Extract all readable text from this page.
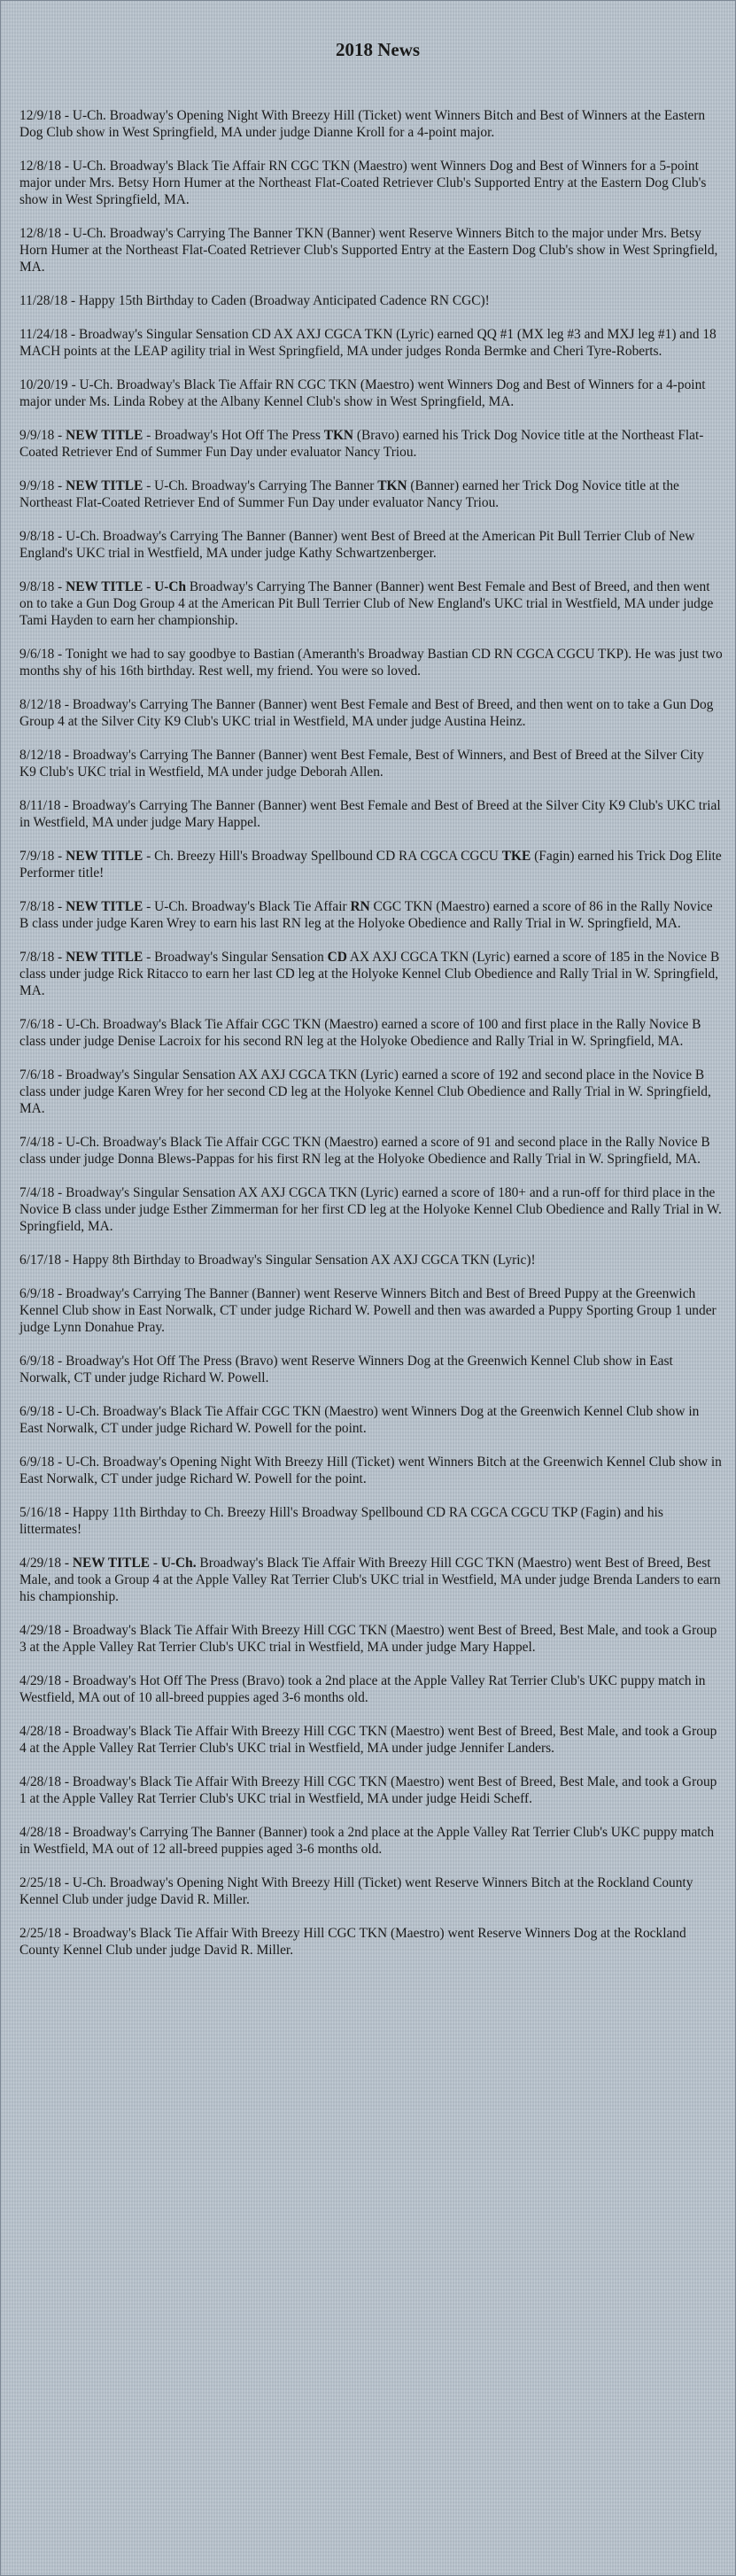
2018 News

12/9/18 - U-Ch. Broadway's Opening Night With Breezy Hill (Ticket) went Winners Bitch and Best of Winners at the Eastern Dog Club show in West Springfield, MA under judge Dianne Kroll for a 4-point major.

12/8/18 - U-Ch. Broadway's Black Tie Affair RN CGC TKN (Maestro) went Winners Dog and Best of Winners for a 5-point major under Mrs. Betsy Horn Humer at the Northeast Flat-Coated Retriever Club's Supported Entry at the Eastern Dog Club's show in West Springfield, MA.

12/8/18 - U-Ch. Broadway's Carrying The Banner TKN (Banner) went Reserve Winners Bitch to the major under Mrs. Betsy Horn Humer at the Northeast Flat-Coated Retriever Club's Supported Entry at the Eastern Dog Club's show in West Springfield, MA.

11/28/18 - Happy 15th Birthday to Caden (Broadway Anticipated Cadence RN CGC)!

11/24/18 - Broadway's Singular Sensation CD AX AXJ CGCA TKN (Lyric) earned QQ #1 (MX leg #3 and MXJ leg #1) and 18 MACH points at the LEAP agility trial in West Springfield, MA under judges Ronda Bermke and Cheri Tyre-Roberts.

10/20/19 - U-Ch. Broadway's Black Tie Affair RN CGC TKN (Maestro) went Winners Dog and Best of Winners for a 4-point major under Ms. Linda Robey at the Albany Kennel Club's show in West Springfield, MA.

9/9/18 - NEW TITLE - Broadway's Hot Off The Press TKN (Bravo) earned his Trick Dog Novice title at the Northeast Flat-Coated Retriever End of Summer Fun Day under evaluator Nancy Triou.

9/9/18 - NEW TITLE - U-Ch. Broadway's Carrying The Banner TKN (Banner) earned her Trick Dog Novice title at the Northeast Flat-Coated Retriever End of Summer Fun Day under evaluator Nancy Triou.

9/8/18 - U-Ch. Broadway's Carrying The Banner (Banner) went Best of Breed at the American Pit Bull Terrier Club of New England's UKC trial in Westfield, MA under judge Kathy Schwartzenberger.

9/8/18 - NEW TITLE - U-Ch Broadway's Carrying The Banner (Banner) went Best Female and Best of Breed, and then went on to take a Gun Dog Group 4 at the American Pit Bull Terrier Club of New England's UKC trial in Westfield, MA under judge Tami Hayden to earn her championship.

9/6/18 - Tonight we had to say goodbye to Bastian (Ameranth's Broadway Bastian CD RN CGCA CGCU TKP). He was just two months shy of his 16th birthday. Rest well, my friend. You were so loved.

8/12/18 - Broadway's Carrying The Banner (Banner) went Best Female and Best of Breed, and then went on to take a Gun Dog Group 4 at the Silver City K9 Club's UKC trial in Westfield, MA under judge Austina Heinz.

8/12/18 - Broadway's Carrying The Banner (Banner) went Best Female, Best of Winners, and Best of Breed at the Silver City K9 Club's UKC trial in Westfield, MA under judge Deborah Allen.

8/11/18 - Broadway's Carrying The Banner (Banner) went Best Female and Best of Breed at the Silver City K9 Club's UKC trial in Westfield, MA under judge Mary Happel.

7/9/18 - NEW TITLE - Ch. Breezy Hill's Broadway Spellbound CD RA CGCA CGCU TKE (Fagin) earned his Trick Dog Elite Performer title!

7/8/18 - NEW TITLE - U-Ch. Broadway's Black Tie Affair RN CGC TKN (Maestro) earned a score of 86 in the Rally Novice B class under judge Karen Wrey to earn his last RN leg at the Holyoke Obedience and Rally Trial in W. Springfield, MA.

7/8/18 - NEW TITLE - Broadway's Singular Sensation CD AX AXJ CGCA TKN (Lyric) earned a score of 185 in the Novice B class under judge Rick Ritacco to earn her last CD leg at the Holyoke Kennel Club Obedience and Rally Trial in W. Springfield, MA.

7/6/18 - U-Ch. Broadway's Black Tie Affair CGC TKN (Maestro) earned a score of 100 and first place in the Rally Novice B class under judge Denise Lacroix for his second RN leg at the Holyoke Obedience and Rally Trial in W. Springfield, MA.

7/6/18 - Broadway's Singular Sensation AX AXJ CGCA TKN (Lyric) earned a score of 192 and second place in the Novice B class under judge Karen Wrey for her second CD leg at the Holyoke Kennel Club Obedience and Rally Trial in W. Springfield, MA.

7/4/18 - U-Ch. Broadway's Black Tie Affair CGC TKN (Maestro) earned a score of 91 and second place in the Rally Novice B class under judge Donna Blews-Pappas for his first RN leg at the Holyoke Obedience and Rally Trial in W. Springfield, MA.

7/4/18 - Broadway's Singular Sensation AX AXJ CGCA TKN (Lyric) earned a score of 180+ and a run-off for third place in the Novice B class under judge Esther Zimmerman for her first CD leg at the Holyoke Kennel Club Obedience and Rally Trial in W. Springfield, MA.

6/17/18 - Happy 8th Birthday to Broadway's Singular Sensation AX AXJ CGCA TKN (Lyric)!

6/9/18 - Broadway's Carrying The Banner (Banner) went Reserve Winners Bitch and Best of Breed Puppy at the Greenwich Kennel Club show in East Norwalk, CT under judge Richard W. Powell and then was awarded a Puppy Sporting Group 1 under judge Lynn Donahue Pray.

6/9/18 - Broadway's Hot Off The Press (Bravo) went Reserve Winners Dog at the Greenwich Kennel Club show in East Norwalk, CT under judge Richard W. Powell.

6/9/18 - U-Ch. Broadway's Black Tie Affair CGC TKN (Maestro) went Winners Dog at the Greenwich Kennel Club show in East Norwalk, CT under judge Richard W. Powell for the point.

6/9/18 - U-Ch. Broadway's Opening Night With Breezy Hill (Ticket) went Winners Bitch at the Greenwich Kennel Club show in East Norwalk, CT under judge Richard W. Powell for the point.

5/16/18 - Happy 11th Birthday to Ch. Breezy Hill's Broadway Spellbound CD RA CGCA CGCU TKP (Fagin) and his littermates!

4/29/18 - NEW TITLE - U-Ch. Broadway's Black Tie Affair With Breezy Hill CGC TKN (Maestro) went Best of Breed, Best Male, and took a Group 4 at the Apple Valley Rat Terrier Club's UKC trial in Westfield, MA under judge Brenda Landers to earn his championship.

4/29/18 - Broadway's Black Tie Affair With Breezy Hill CGC TKN (Maestro) went Best of Breed, Best Male, and took a Group 3 at the Apple Valley Rat Terrier Club's UKC trial in Westfield, MA under judge Mary Happel.

4/29/18 - Broadway's Hot Off The Press (Bravo) took a 2nd place at the Apple Valley Rat Terrier Club's UKC puppy match in Westfield, MA out of 10 all-breed puppies aged 3-6 months old.

4/28/18 - Broadway's Black Tie Affair With Breezy Hill CGC TKN (Maestro) went Best of Breed, Best Male, and took a Group 4 at the Apple Valley Rat Terrier Club's UKC trial in Westfield, MA under judge Jennifer Landers.

4/28/18 - Broadway's Black Tie Affair With Breezy Hill CGC TKN (Maestro) went Best of Breed, Best Male, and took a Group 1 at the Apple Valley Rat Terrier Club's UKC trial in Westfield, MA under judge Heidi Scheff.

4/28/18 - Broadway's Carrying The Banner (Banner) took a 2nd place at the Apple Valley Rat Terrier Club's UKC puppy match in Westfield, MA out of 12 all-breed puppies aged 3-6 months old.

2/25/18 - U-Ch. Broadway's Opening Night With Breezy Hill (Ticket) went Reserve Winners Bitch at the Rockland County Kennel Club under judge David R. Miller.

2/25/18 - Broadway's Black Tie Affair With Breezy Hill CGC TKN (Maestro) went Reserve Winners Dog at the Rockland County Kennel Club under judge David R. Miller.
